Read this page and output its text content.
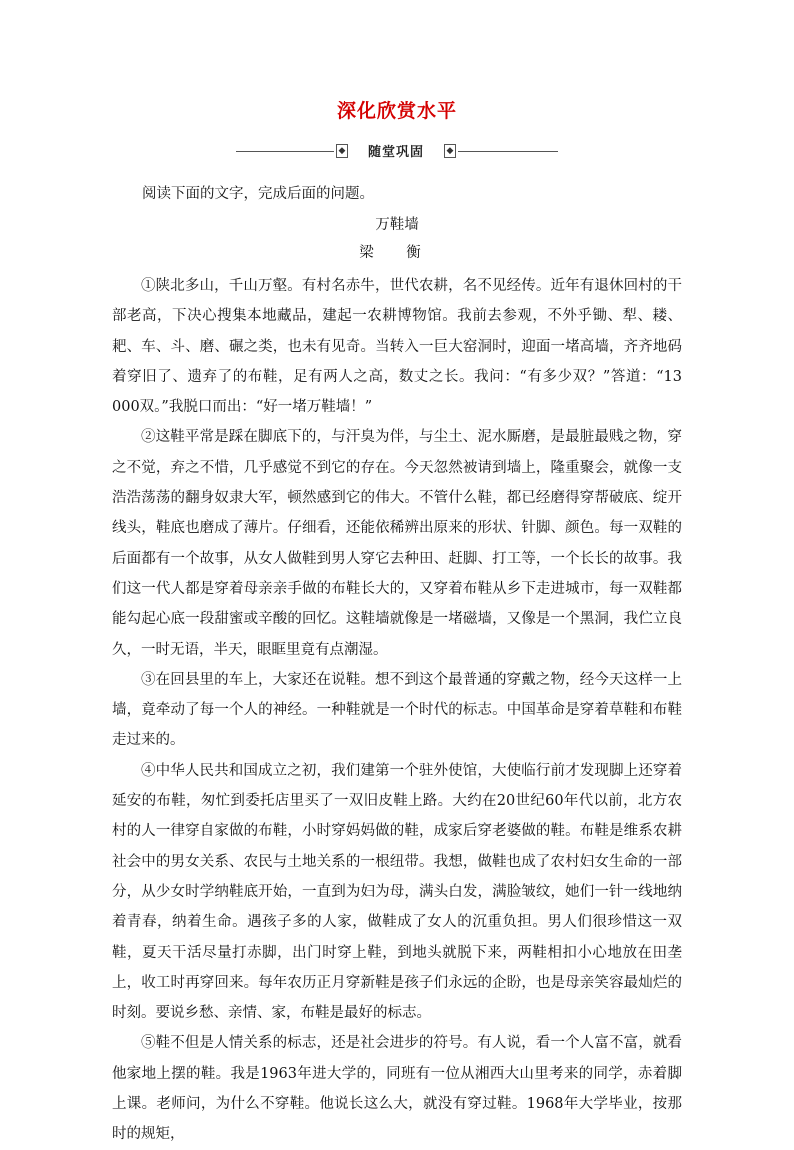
深化欣赏水平
◆	随堂巩固	◆
阅读下面的文字，完成后面的问题。
万鞋墙
梁 衡

①陕北多山，千山万壑。有村名赤牛，世代农耕，名不见经传。近年有退休回村的干部老高，下决心搜集本地藏品，建起一农耕博物馆。我前去参观，不外乎锄、犁、耧、耙、车、斗、磨、碾之类，也未有见奇。当转入一巨大窑洞时，迎面一堵高墙，齐齐地码着穿旧了、遗弃了的布鞋，足有两人之高，数丈之长。我问：“有多少双？”答道：“13 000双。”我脱口而出：“好一堵万鞋墙！”

②这鞋平常是踩在脚底下的，与汗臭为伴，与尘土、泥水厮磨，是最脏最贱之物，穿之不觉，弃之不惜，几乎感觉不到它的存在。今天忽然被请到墙上，隆重聚会，就像一支浩浩荡荡的翻身奴隶大军，顿然感到它的伟大。不管什么鞋，都已经磨得穿帮破底、绽开线头，鞋底也磨成了薄片。仔细看，还能依稀辨出原来的形状、针脚、颜色。每一双鞋的后面都有一个故事，从女人做鞋到男人穿它去种田、赶脚、打工等，一个长长的故事。我们这一代人都是穿着母亲亲手做的布鞋长大的，又穿着布鞋从乡下走进城市，每一双鞋都能勾起心底一段甜蜜或辛酸的回忆。这鞋墙就像是一堵磁墙，又像是一个黑洞，我伫立良久，一时无语，半天，眼眶里竟有点潮湿。

③在回县里的车上，大家还在说鞋。想不到这个最普通的穿戴之物，经今天这样一上墙，竟牵动了每一个人的神经。一种鞋就是一个时代的标志。中国革命是穿着草鞋和布鞋走过来的。

④中华人民共和国成立之初，我们建第一个驻外使馆，大使临行前才发现脚上还穿着延安的布鞋，匆忙到委托店里买了一双旧皮鞋上路。大约在20世纪60年代以前，北方农村的人一律穿自家做的布鞋，小时穿妈妈做的鞋，成家后穿老婆做的鞋。布鞋是维系农耕社会中的男女关系、农民与土地关系的一根纽带。我想，做鞋也成了农村妇女生命的一部分，从少女时学纳鞋底开始，一直到为妇为母，满头白发，满脸皱纹，她们一针一线地纳着青春，纳着生命。遇孩子多的人家，做鞋成了女人的沉重负担。男人们很珍惜这一双鞋，夏天干活尽量打赤脚，出门时穿上鞋，到地头就脱下来，两鞋相扣小心地放在田垄上，收工时再穿回来。每年农历正月穿新鞋是孩子们永远的企盼，也是母亲笑容最灿烂的时刻。要说乡愁、亲情、家，布鞋是最好的标志。

⑤鞋不但是人情关系的标志，还是社会进步的符号。有人说，看一个人富不富，就看他家地上摆的鞋。我是1963年进大学的，同班有一位从湘西大山里考来的同学，赤着脚上课。老师问，为什么不穿鞋。他说长这么大，就没有穿过鞋。1968年大学毕业，按那时的规矩，
